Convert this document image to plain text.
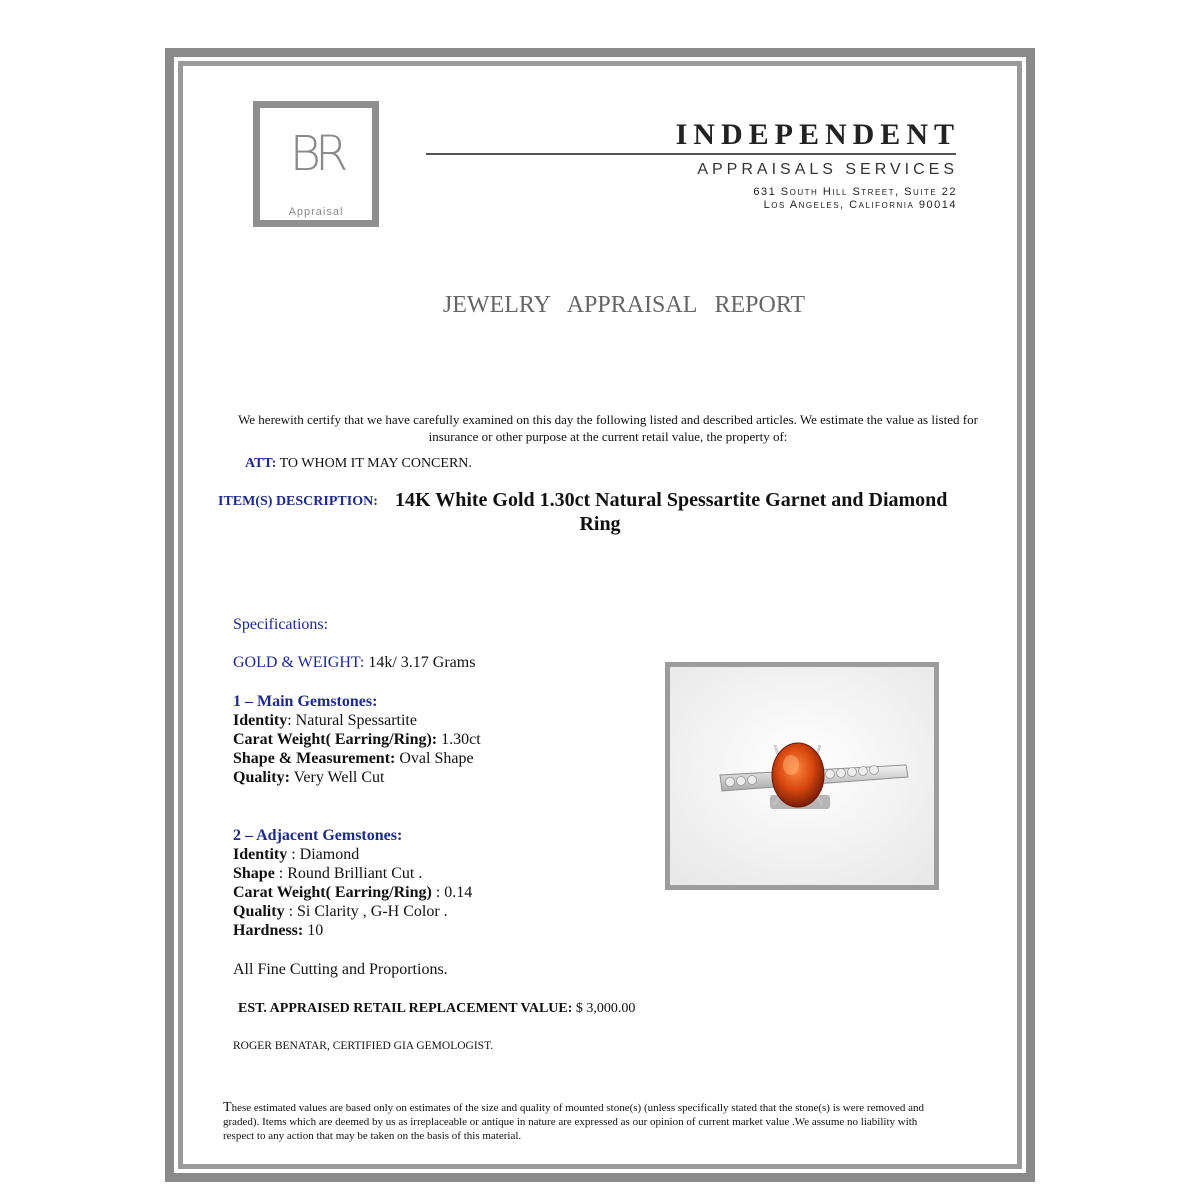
BR
Appraisal
INDEPENDENT
APPRAISALS SERVICES
631 South Hill Street, Suite 22
Los Angeles, California 90014
JEWELRY APPRAISAL REPORT
We herewith certify that we have carefully examined on this day the following listed and described articles. We estimate the value as listed for insurance or other purpose at the current retail value, the property of:
ATT: TO WHOM IT MAY CONCERN.
ITEM(S) DESCRIPTION: 14K White Gold 1.30ct Natural Spessartite Garnet and Diamond
Ring
Specifications:
GOLD & WEIGHT: 14k/ 3.17 Grams
1 – Main Gemstones:
Identity: Natural Spessartite
Carat Weight( Earring/Ring): 1.30ct
Shape & Measurement: Oval Shape
Quality: Very Well Cut
2 – Adjacent Gemstones:
Identity : Diamond
Shape : Round Brilliant Cut .
Carat Weight( Earring/Ring) : 0.14
Quality : Si Clarity , G-H Color .
Hardness: 10
All Fine Cutting and Proportions.
EST. APPRAISED RETAIL REPLACEMENT VALUE: $ 3,000.00
ROGER BENATAR, CERTIFIED GIA GEMOLOGIST.
These estimated values are based only on estimates of the size and quality of mounted stone(s) (unless specifically stated that the stone(s) is were removed and graded). Items which are deemed by us as irreplaceable or antique in nature are expressed as our opinion of current market value .We assume no liability with respect to any action that may be taken on the basis of this material.
